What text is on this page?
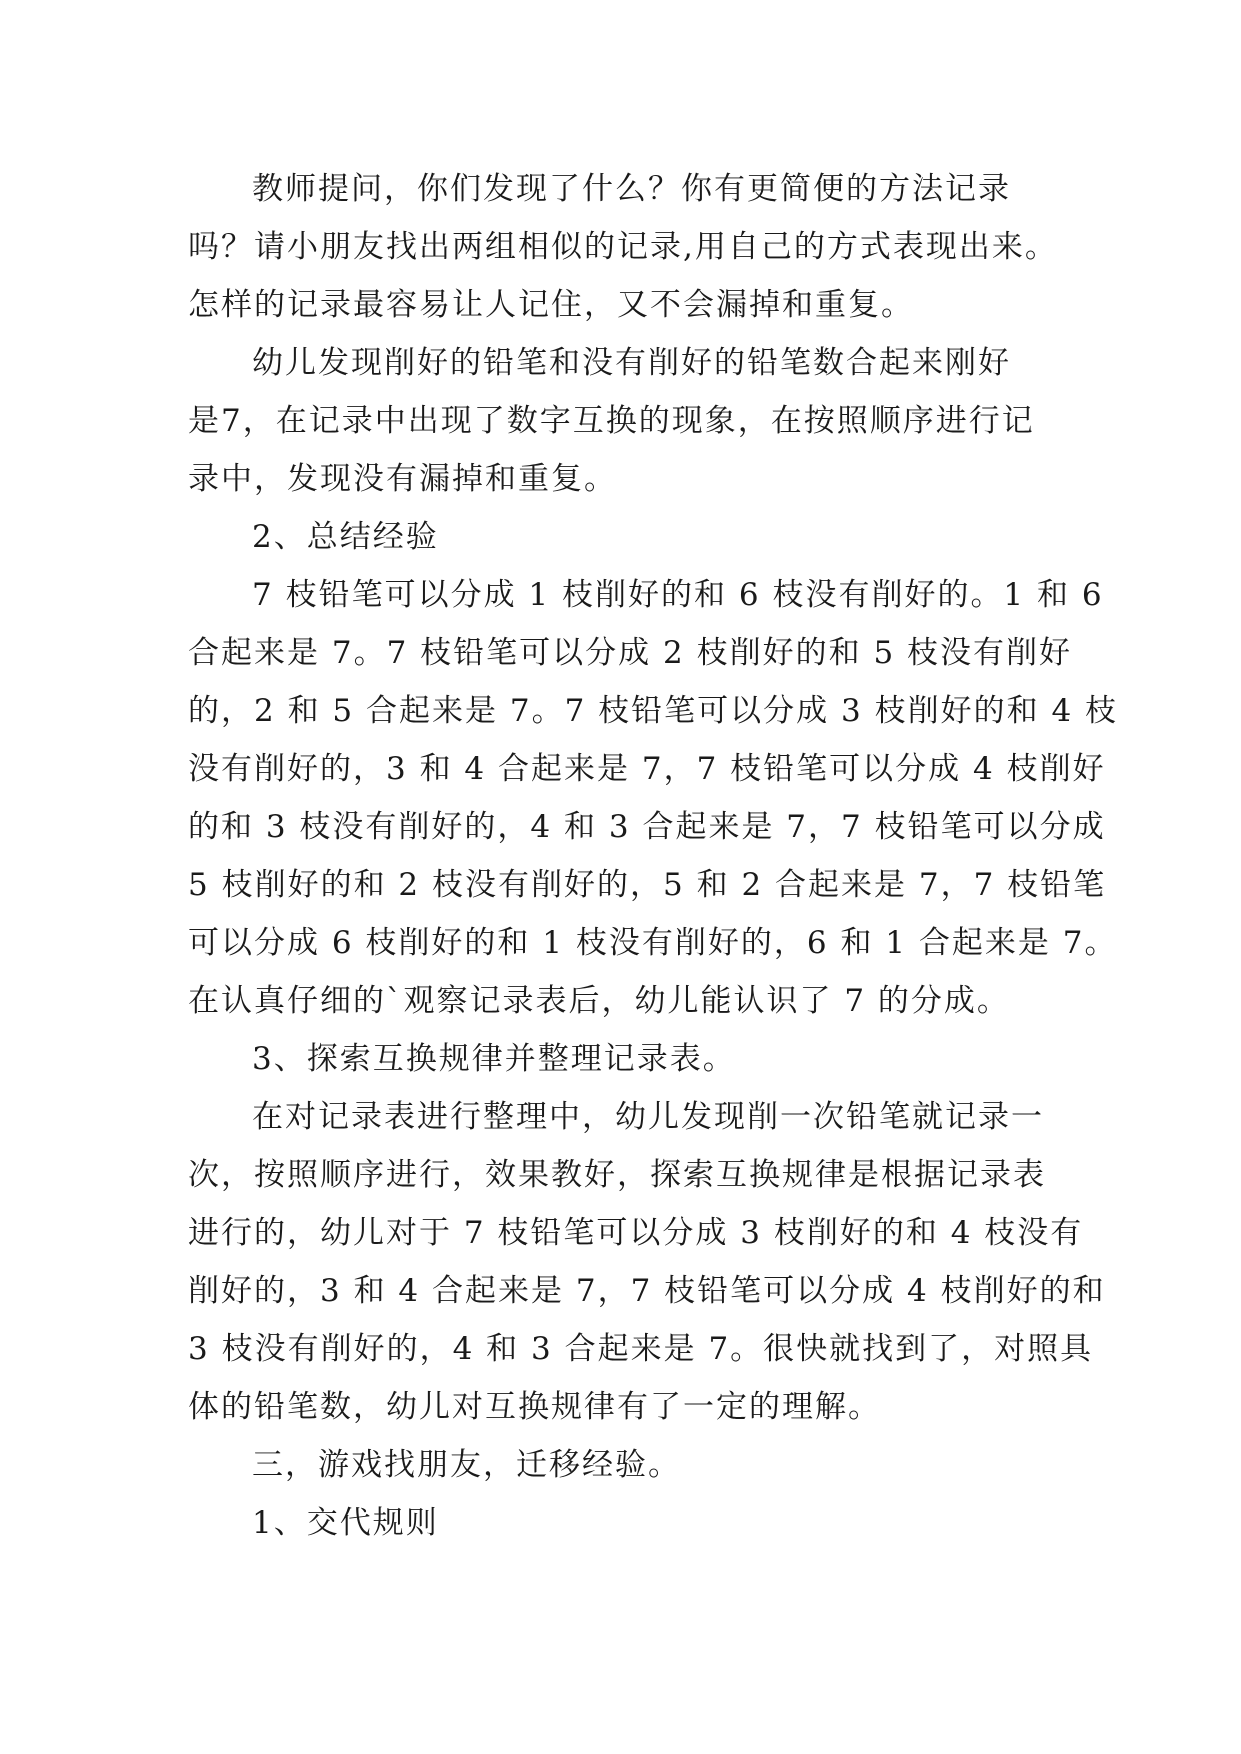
教师提问，你们发现了什么？你有更简便的方法记录
吗？请小朋友找出两组相似的记录,用自己的方式表现出来。
怎样的记录最容易让人记住，又不会漏掉和重复。
幼儿发现削好的铅笔和没有削好的铅笔数合起来刚好
是7，在记录中出现了数字互换的现象，在按照顺序进行记
录中，发现没有漏掉和重复。
2、总结经验
7 枝铅笔可以分成 1 枝削好的和 6 枝没有削好的。1 和 6
合起来是 7。7 枝铅笔可以分成 2 枝削好的和 5 枝没有削好
的，2 和 5 合起来是 7。7 枝铅笔可以分成 3 枝削好的和 4 枝
没有削好的，3 和 4 合起来是 7，7 枝铅笔可以分成 4 枝削好
的和 3 枝没有削好的，4 和 3 合起来是 7，7 枝铅笔可以分成
5 枝削好的和 2 枝没有削好的，5 和 2 合起来是 7，7 枝铅笔
可以分成 6 枝削好的和 1 枝没有削好的，6 和 1 合起来是 7。
在认真仔细的`观察记录表后，幼儿能认识了 7 的分成。
3、探索互换规律并整理记录表。
在对记录表进行整理中，幼儿发现削一次铅笔就记录一
次，按照顺序进行，效果教好，探索互换规律是根据记录表
进行的，幼儿对于 7 枝铅笔可以分成 3 枝削好的和 4 枝没有
削好的，3 和 4 合起来是 7，7 枝铅笔可以分成 4 枝削好的和
3 枝没有削好的，4 和 3 合起来是 7。很快就找到了，对照具
体的铅笔数，幼儿对互换规律有了一定的理解。
三，游戏找朋友，迁移经验。
1、交代规则
